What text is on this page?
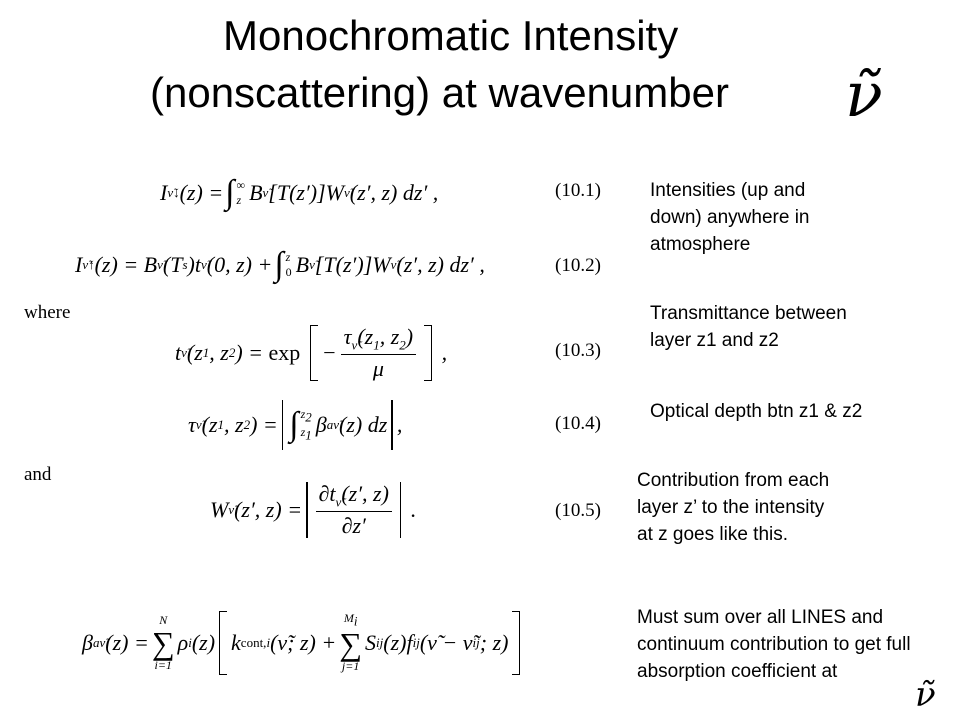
Monochromatic Intensity
(nonscattering) at wavenumber ν̃
I ν̃ ↓ (z) = ∫ ∞
z B ν̃ [T(z′)]W ν̃ (z′, z) dz′ ,	(10.1)
I ν̃ ↑ (z) = B ν̃ (T s )t ν̃ (0, z) + ∫ z
0 B ν̃ [T(z′)]W ν̃ (z′, z) dz′ ,	(10.2)
where
t ν̃ (z 1 , z 2 ) = $\exp - \frac{\tau_{\nũ}(z_1, z_2)}{\mu}$ ,	(10.3)
τ ν̃ (z 1 , z 2 ) = ∫ $z_2$
$z_1$ β aν̃ (z) dz ,	(10.4)
and
W ν̃ (z′, $z) = \frac{\partial t_{\nũ}(z', z)}{\partial z'}$ .	(10.5)
β aν̃ (z) =
N
∑
i=1
ρ i (z)
k cont, i (ν̃; z) +
$M_i$
∑
j=1
S ij (z)f ij (ν̃ − ν̃ ij ; z)
Intensities (up and down) anywhere in atmosphere
Transmittance between layer z1 and z2
Optical depth btn z1 & z2
Contribution from each layer z’ to the intensity at z goes like this.
Must sum over all LINES and continuum contribution to get full absorption coefficient at
ν̃
